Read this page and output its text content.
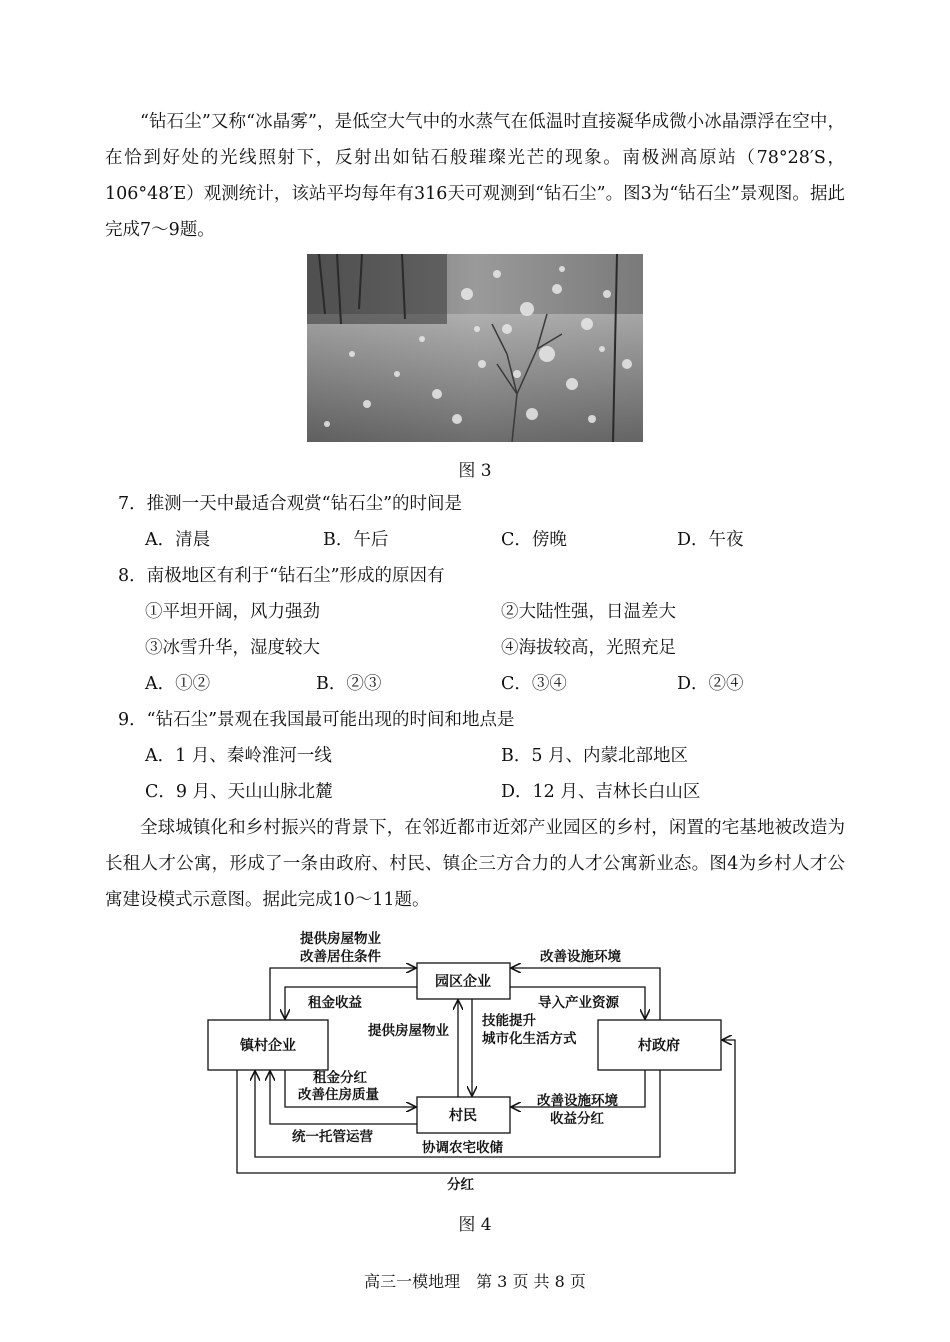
“钻石尘”又称“冰晶雾”，是低空大气中的水蒸气在低温时直接凝华成微小冰晶漂浮在空中，在恰到好处的光线照射下，反射出如钻石般璀璨光芒的现象。南极洲高原站（78°28′S，106°48′E）观测统计，该站平均每年有316天可观测到“钻石尘”。图3为“钻石尘”景观图。据此完成7～9题。
图 3
7．推测一天中最适合观赏“钻石尘”的时间是
A．清晨	B．午后	C．傍晚	D．午夜
8．南极地区有利于“钻石尘”形成的原因有
①平坦开阔，风力强劲	②大陆性强，日温差大
③冰雪升华，湿度较大	④海拔较高，光照充足
A．①②	B．②③	C．③④	D．②④
9．“钻石尘”景观在我国最可能出现的时间和地点是
A．1 月、秦岭淮河一线	B．5 月、内蒙北部地区
C．9 月、天山山脉北麓	D．12 月、吉林长白山区
全球城镇化和乡村振兴的背景下，在邻近都市近郊产业园区的乡村，闲置的宅基地被改造为长租人才公寓，形成了一条由政府、村民、镇企三方合力的人才公寓新业态。图4为乡村人才公寓建设模式示意图。据此完成10～11题。
园区企业
镇村企业	村政府
村民
提供房屋物业
改善居住条件
租金收益
改善设施环境
导入产业资源
提供房屋物业
技能提升
城市化生活方式
租金分红
改善住房质量
统一托管运营
改善设施环境
收益分红
协调农宅收储
分红
图 4
高三一模地理　第 3 页 共 8 页
